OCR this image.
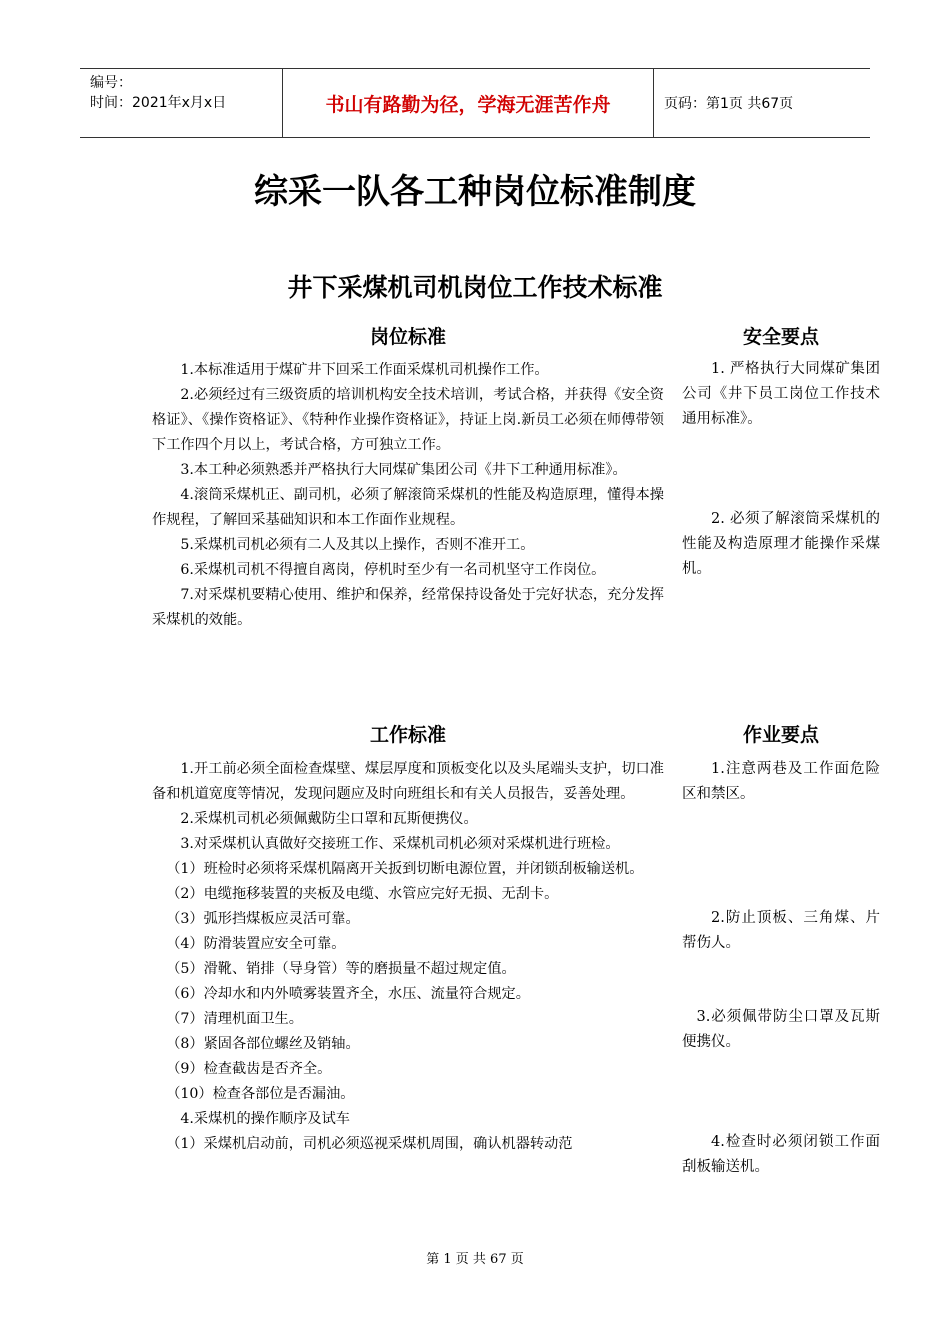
编号：
时间：2021年x月x日	书山有路勤为径，学海无涯苦作舟	页码：第1页 共67页
综采一队各工种岗位标准制度
井下采煤机司机岗位工作技术标准
岗位标准	安全要点

1.本标准适用于煤矿井下回采工作面采煤机司机操作工作。

2.必须经过有三级资质的培训机构安全技术培训，考试合格，并获得《安全资格证》、《操作资格证》、《特种作业操作资格证》，持证上岗.新员工必须在师傅带领下工作四个月以上，考试合格，方可独立工作。

3.本工种必须熟悉并严格执行大同煤矿集团公司《井下工种通用标准》。

4.滚筒采煤机正、副司机，必须了解滚筒采煤机的性能及构造原理，懂得本操作规程，了解回采基础知识和本工作面作业规程。

5.采煤机司机必须有二人及其以上操作，否则不准开工。

6.采煤机司机不得擅自离岗，停机时至少有一名司机坚守工作岗位。

7.对采煤机要精心使用、维护和保养，经常保持设备处于完好状态，充分发挥采煤机的效能。

1. 严格执行大同煤矿集团公司《井下员工岗位工作技术通用标准》。

2. 必须了解滚筒采煤机的性能及构造原理才能操作采煤机。

工作标准	作业要点

1.开工前必须全面检查煤壁、煤层厚度和顶板变化以及头尾端头支护，切口准备和机道宽度等情况，发现问题应及时向班组长和有关人员报告，妥善处理。

2.采煤机司机必须佩戴防尘口罩和瓦斯便携仪。

3.对采煤机认真做好交接班工作、采煤机司机必须对采煤机进行班检。

（1）班检时必须将采煤机隔离开关扳到切断电源位置，并闭锁刮板输送机。

（2）电缆拖移装置的夹板及电缆、水管应完好无损、无刮卡。

（3）弧形挡煤板应灵活可靠。

（4）防滑装置应安全可靠。

（5）滑靴、销排（导身管）等的磨损量不超过规定值。

（6）冷却水和内外喷雾装置齐全，水压、流量符合规定。

（7）清理机面卫生。

（8）紧固各部位螺丝及销轴。

（9）检查截齿是否齐全。

（10）检查各部位是否漏油。

4.采煤机的操作顺序及试车

（1）采煤机启动前，司机必须巡视采煤机周围，确认机器转动范

1.注意两巷及工作面危险区和禁区。

2.防止顶板、三角煤、片帮伤人。

3.必须佩带防尘口罩及瓦斯便携仪。

4.检查时必须闭锁工作面刮板输送机。

第 1 页 共 67 页
